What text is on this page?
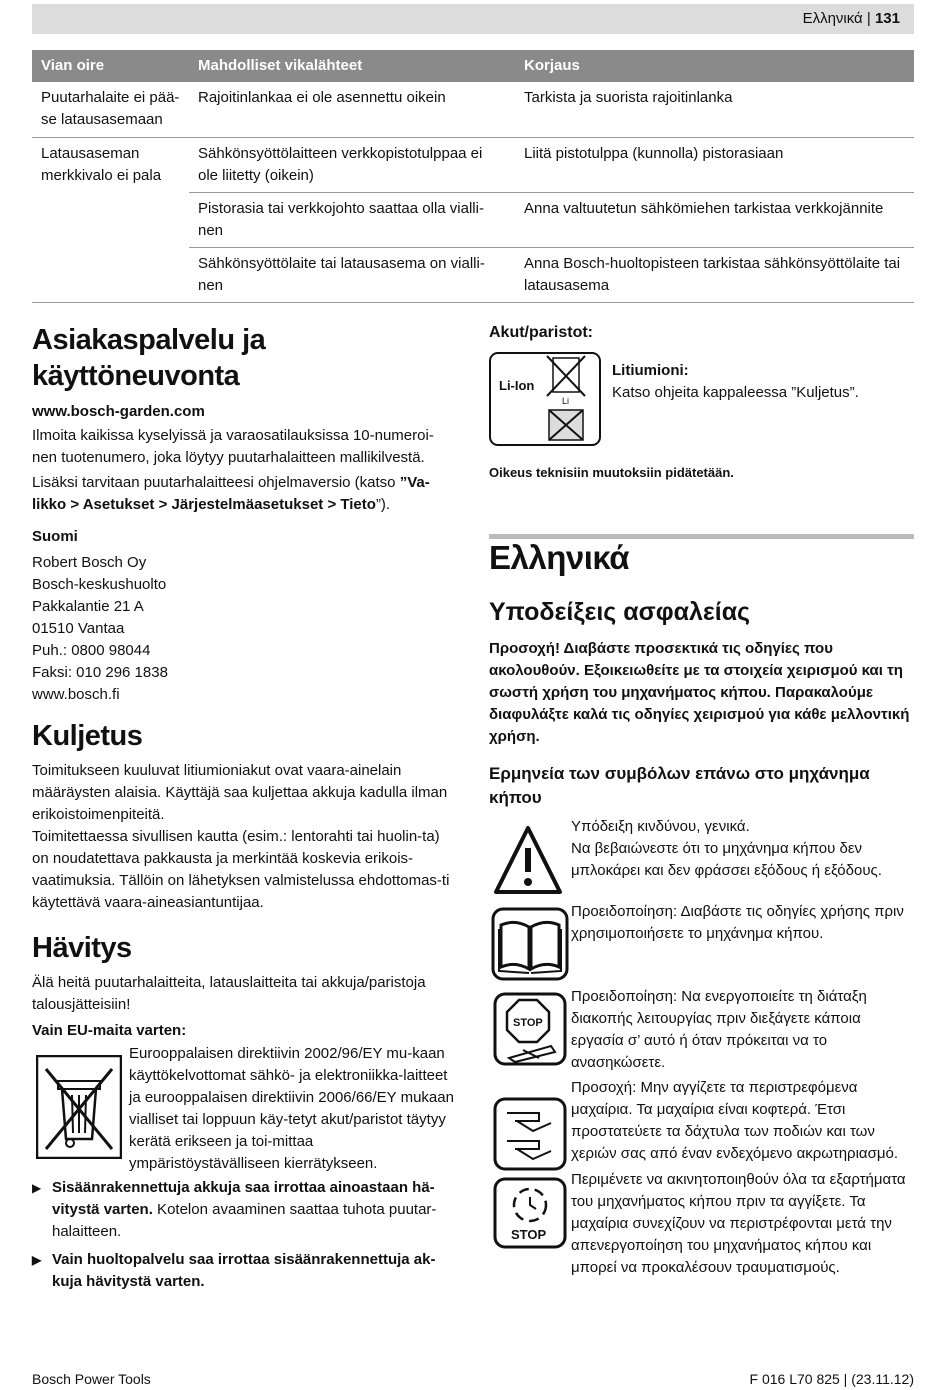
Ελληνικά | 131
Vian oire	Mahdolliset vikalähteet	Korjaus
Puutarhalaite ei pää-se latausasemaan	Rajoitinlankaa ei ole asennettu oikein	Tarkista ja suorista rajoitinlanka
Latausaseman merkkivalo ei pala	Sähkönsyöttölaitteen verkkopistotulppaa ei ole liitetty (oikein)	Liitä pistotulppa (kunnolla) pistorasiaan
	Pistorasia tai verkkojohto saattaa olla vialli-nen	Anna valtuutetun sähkömiehen tarkistaa verkkojännite
	Sähkönsyöttölaite tai latausasema on vialli-nen	Anna Bosch-huoltopisteen tarkistaa sähkönsyöttölaite tai latausasema
Asiakaspalvelu ja käyttöneuvonta

www.bosch-garden.com

Ilmoita kaikissa kyselyissä ja varaosatilauksissa 10-numeroi-nen tuotenumero, joka löytyy puutarhalaitteen mallikilvestä.

Lisäksi tarvitaan puutarhalaitteesi ohjelmaversio (katso ”Va-likko > Asetukset > Järjestelmäasetukset > Tieto”).

Suomi

Robert Bosch Oy

Bosch-keskushuolto

Pakkalantie 21 A

01510 Vantaa

Puh.: 0800 98044

Faksi: 010 296 1838

www.bosch.fi

Kuljetus

Toimitukseen kuuluvat litiumioniakut ovat vaara-ainelain määräysten alaisia. Käyttäjä saa kuljettaa akkuja kadulla ilman erikoistoimenpiteitä.

Toimitettaessa sivullisen kautta (esim.: lentorahti tai huolin-ta) on noudatettava pakkausta ja merkintää koskevia erikois-vaatimuksia. Tällöin on lähetyksen valmistelussa ehdottomas-ti käytettävä vaara-aineasiantuntijaa.

Hävitys

Älä heitä puutarhalaitteita, latauslaitteita tai akkuja/paristoja talousjätteisiin!

Vain EU-maita varten:

Eurooppalaisen direktiivin 2002/96/EY mu-kaan käyttökelvottomat sähkö- ja elektroniikka-laitteet ja eurooppalaisen direktiivin 2006/66/EY mukaan vialliset tai loppuun käy-tetyt akut/paristot täytyy kerätä erikseen ja toi-mittaa ympäristöystävälliseen kierrätykseen.

▶ Sisäänrakennettuja akkuja saa irrottaa ainoastaan hä-vitystä varten. Kotelon avaaminen saattaa tuhota puutar-halaitteen.

▶ Vain huoltopalvelu saa irrottaa sisäänrakennettuja ak-kuja hävitystä varten.

Akut/paristot:

Li-Ion
Li

Litiumioni:

Katso ohjeita kappaleessa ”Kuljetus”.

Oikeus teknisiin muutoksiin pidätetään.

Ελληνικά
Υποδείξεις ασφαλείας

Προσοχή! Διαβάστε προσεκτικά τις οδηγίες που ακολουθούν. Εξοικειωθείτε με τα στοιχεία χειρισμού και τη σωστή χρήση του μηχανήματος κήπου. Παρακαλούμε διαφυλάξτε καλά τις οδηγίες χειρισμού για κάθε μελλοντική χρήση.

Ερμηνεία των συμβόλων επάνω στο μηχάνημα κήπου

Υπόδειξη κινδύνου, γενικά.
Να βεβαιώνεστε ότι το μηχάνημα κήπου δεν μπλοκάρει και δεν φράσσει εξόδους ή εξόδους.

Προειδοποίηση: Διαβάστε τις οδηγίες χρήσης πριν χρησιμοποιήσετε το μηχάνημα κήπου.

STOP

Προειδοποίηση: Να ενεργοποιείτε τη διάταξη διακοπής λειτουργίας πριν διεξάγετε κάποια εργασία σ’ αυτό ή όταν πρόκειται να το ανασηκώσετε.

Προσοχή: Μην αγγίζετε τα περιστρεφόμενα μαχαίρια. Τα μαχαίρια είναι κοφτερά. Έτσι προστατεύετε τα δάχτυλα των ποδιών και των χεριών σας από έναν ενδεχόμενο ακρωτηριασμό.

STOP

Περιμένετε να ακινητοποιηθούν όλα τα εξαρτήματα του μηχανήματος κήπου πριν τα αγγίξετε. Τα μαχαίρια συνεχίζουν να περιστρέφονται μετά την απενεργοποίηση του μηχανήματος κήπου και μπορεί να προκαλέσουν τραυματισμούς.

Bosch Power Tools	F 016 L70 825 | (23.11.12)
